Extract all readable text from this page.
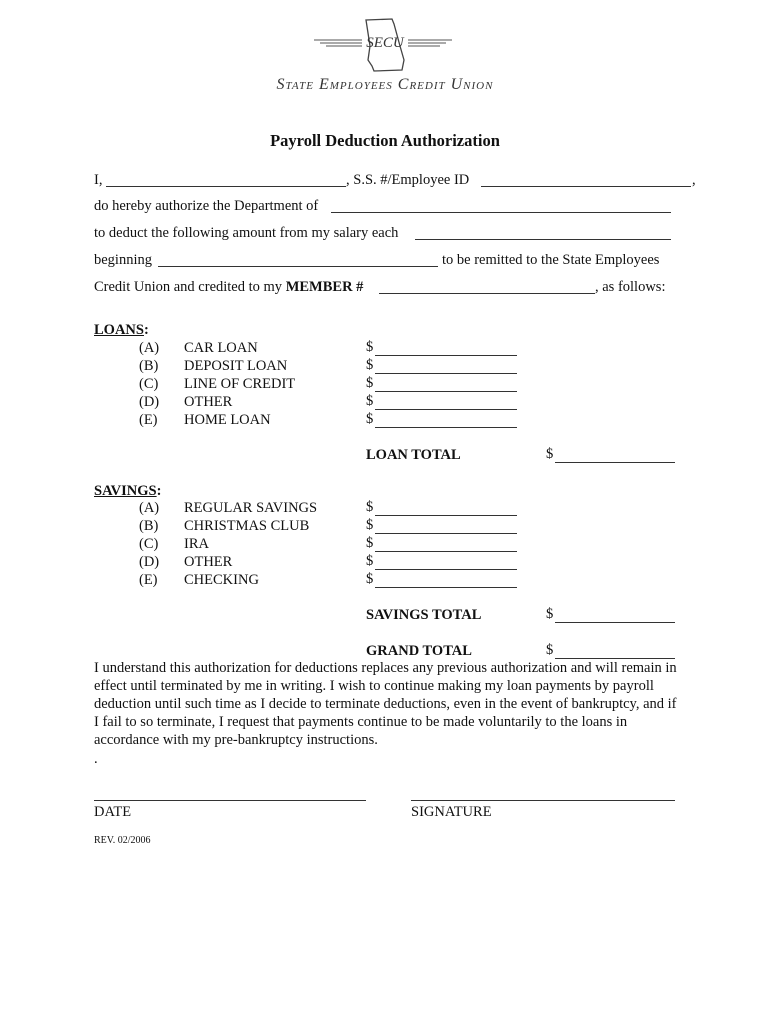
SECU
State Employees Credit Union
Payroll Deduction Authorization
I,	, S.S. #/Employee ID	,
do hereby authorize the Department of
to deduct the following amount from my salary each
beginning	to be remitted to the State Employees
Credit Union and credited to my MEMBER #	, as follows:
LOANS:
(A) CAR LOAN	$
(B) DEPOSIT LOAN	$
(C) LINE OF CREDIT	$
(D) OTHER	$
(E) HOME LOAN	$
LOAN TOTAL	$
SAVINGS:
(A) REGULAR SAVINGS	$
(B) CHRISTMAS CLUB	$
(C) IRA	$
(D) OTHER	$
(E) CHECKING	$
SAVINGS TOTAL	$
GRAND TOTAL	$
I understand this authorization for deductions replaces any previous authorization and will remain in effect until terminated by me in writing. I wish to continue making my loan payments by payroll deduction until such time as I decide to terminate deductions, even in the event of bankruptcy, and if I fail to so terminate, I request that payments continue to be made voluntarily to the loans in accordance with my pre-bankruptcy instructions.
.
DATE	SIGNATURE
REV. 02/2006
